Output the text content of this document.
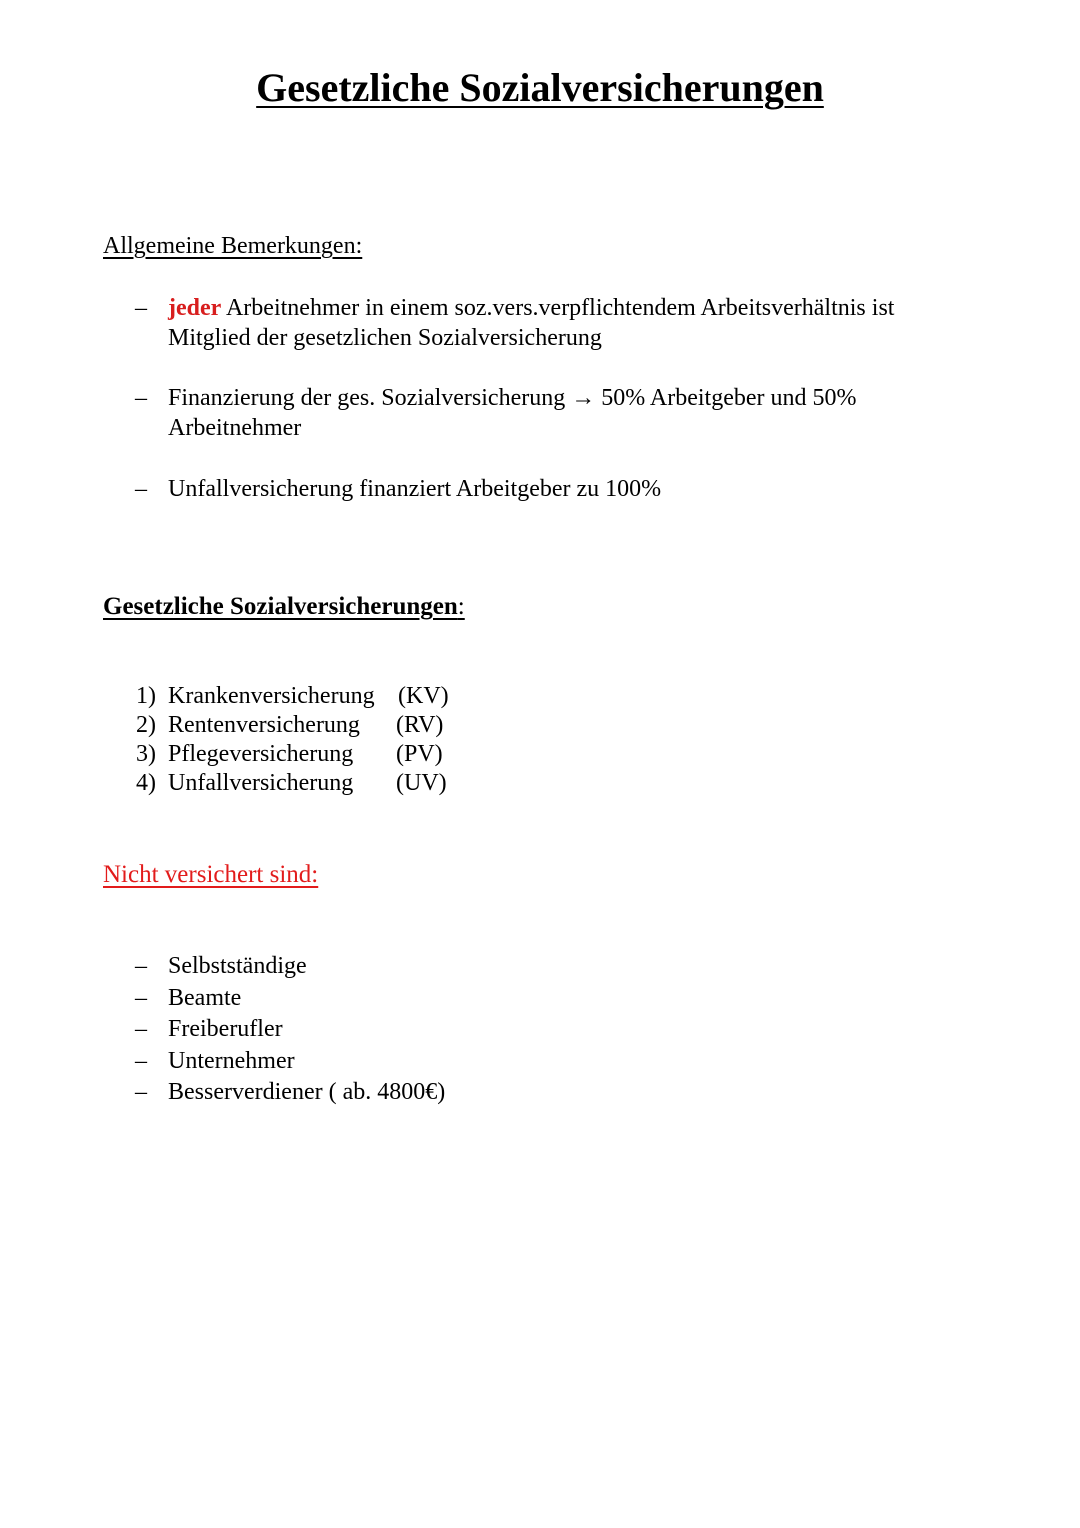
Gesetzliche Sozialversicherungen
Allgemeine Bemerkungen:

– jeder Arbeitnehmer in einem soz.vers.verpflichtendem Arbeitsverhältnis ist Mitglied der gesetzlichen Sozialversicherung

– Finanzierung der ges. Sozialversicherung → 50% Arbeitgeber und 50% Arbeitnehmer

– Unfallversicherung finanziert Arbeitgeber zu 100%

Gesetzliche Sozialversicherungen:
1) Krankenversicherung (KV)
2) Rentenversicherung (RV)
3) Pflegeversicherung (PV)
4) Unfallversicherung (UV)
Nicht versichert sind:
– Selbstständige
– Beamte
– Freiberufler
– Unternehmer
– Besserverdiener ( ab. 4800€)
